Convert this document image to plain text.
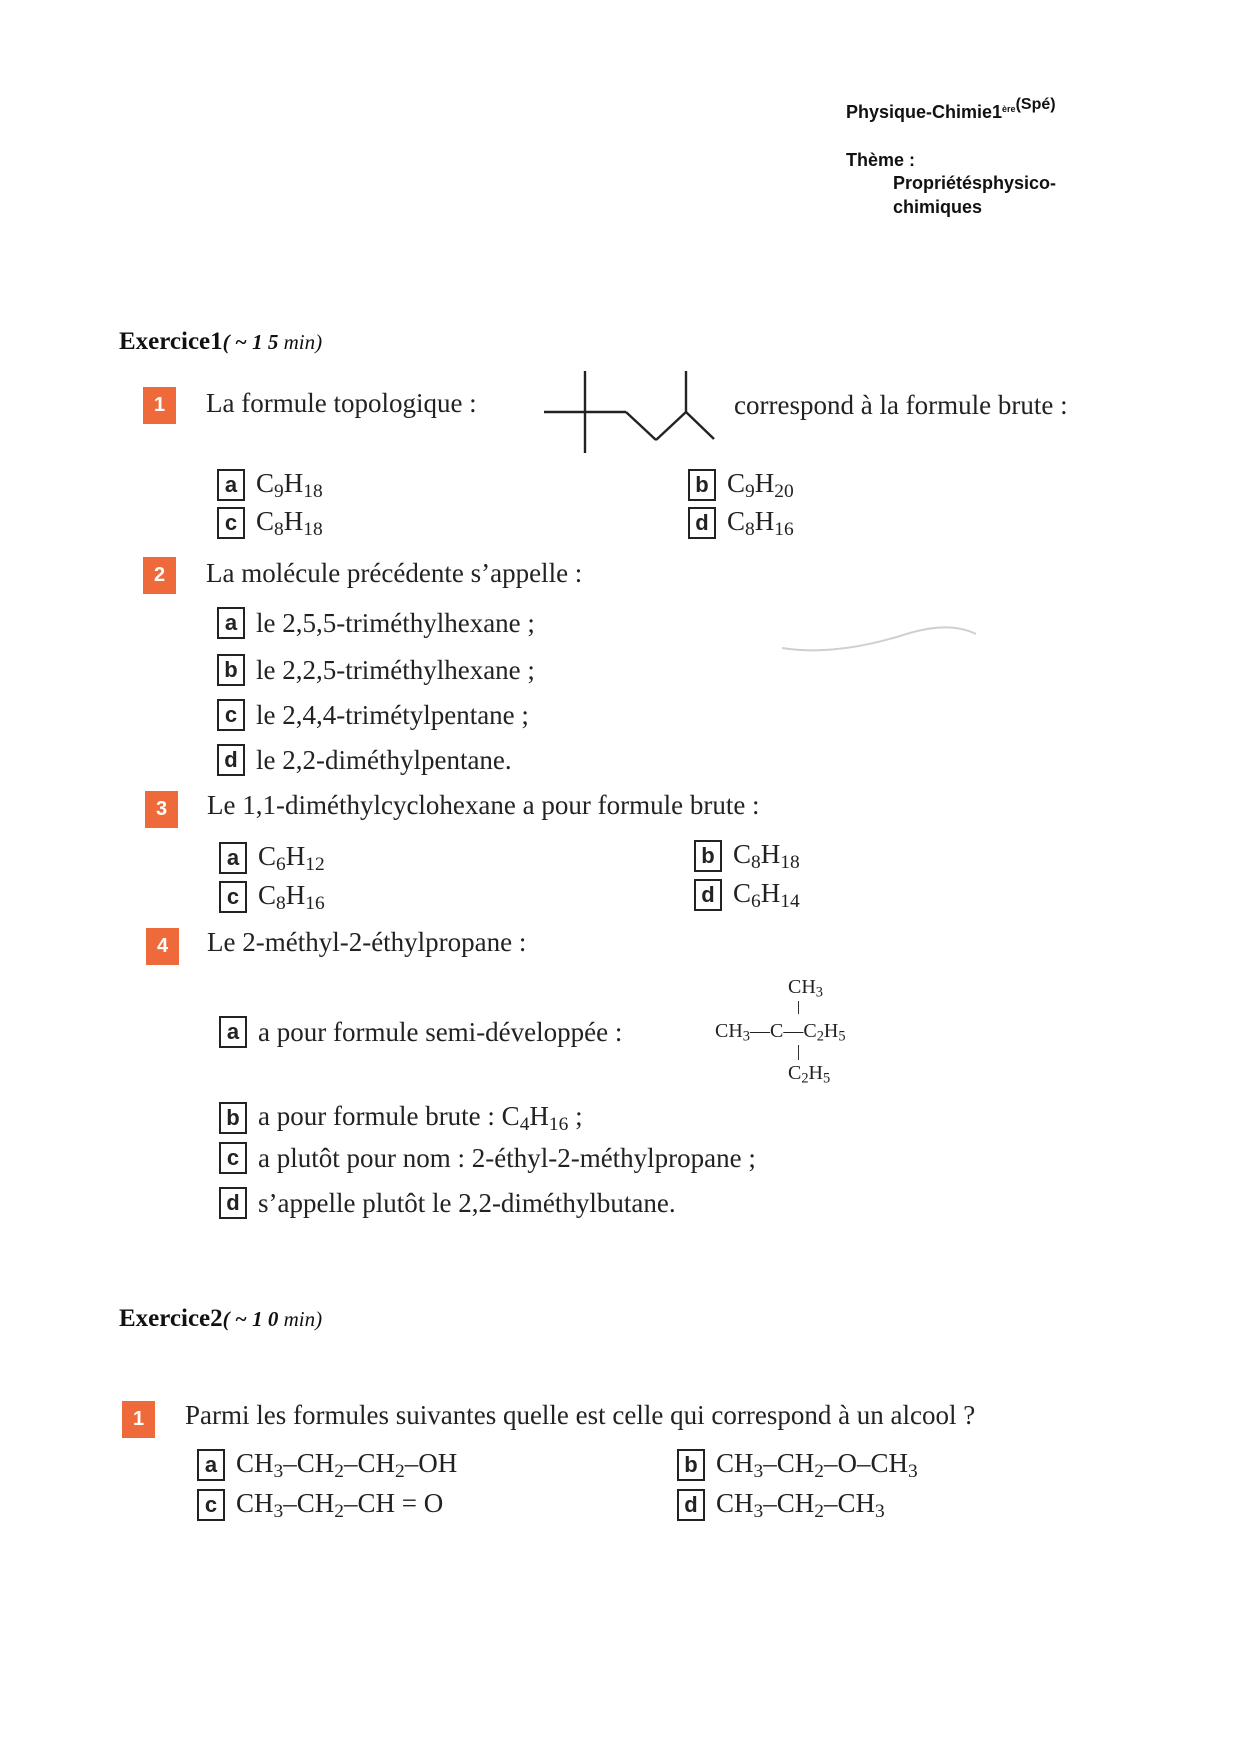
Physique-Chimie1ère(Spé)
Thème :
Propriétésphysico-
chimiques
Exercice1( ~ 1 5 min)
1	La formule topologique :	correspond à la formule brute :
a $C_9H_{18}$	b $C_9H_{20}$
c $C_8H_{18}$	d $C_8H_{16}$
2	La molécule précédente s’appelle :
a le 2,5,5-triméthylhexane ;
b le 2,2,5-triméthylhexane ;
c le 2,4,4-trimétylpentane ;
d le 2,2-diméthylpentane.
3	Le 1,1-diméthylcyclohexane a pour formule brute :
a $C_6H_{12}$	b $C_8H_{18}$
c $C_8H_{16}$	d $C_6H_{14}$
4	Le 2-méthyl-2-éthylpropane :
a a pour formule semi-développée :
$CH_3$
$CH_3—C—C_2H_5$
$C_2H_5$
b a pour formule brute : $C_4H_{16}$ ;
c a plutôt pour nom : 2-éthyl-2-méthylpropane ;
d s’appelle plutôt le 2,2-diméthylbutane.
Exercice2( ~ 1 0 min)
1	Parmi les formules suivantes quelle est celle qui correspond à un alcool ?
a $CH_3-CH_2-CH_2-OH$	b $CH_3-CH_2-O-CH_3$
c $CH_3-CH_2-CH = O$	d $CH_3-CH_2-CH_3$
